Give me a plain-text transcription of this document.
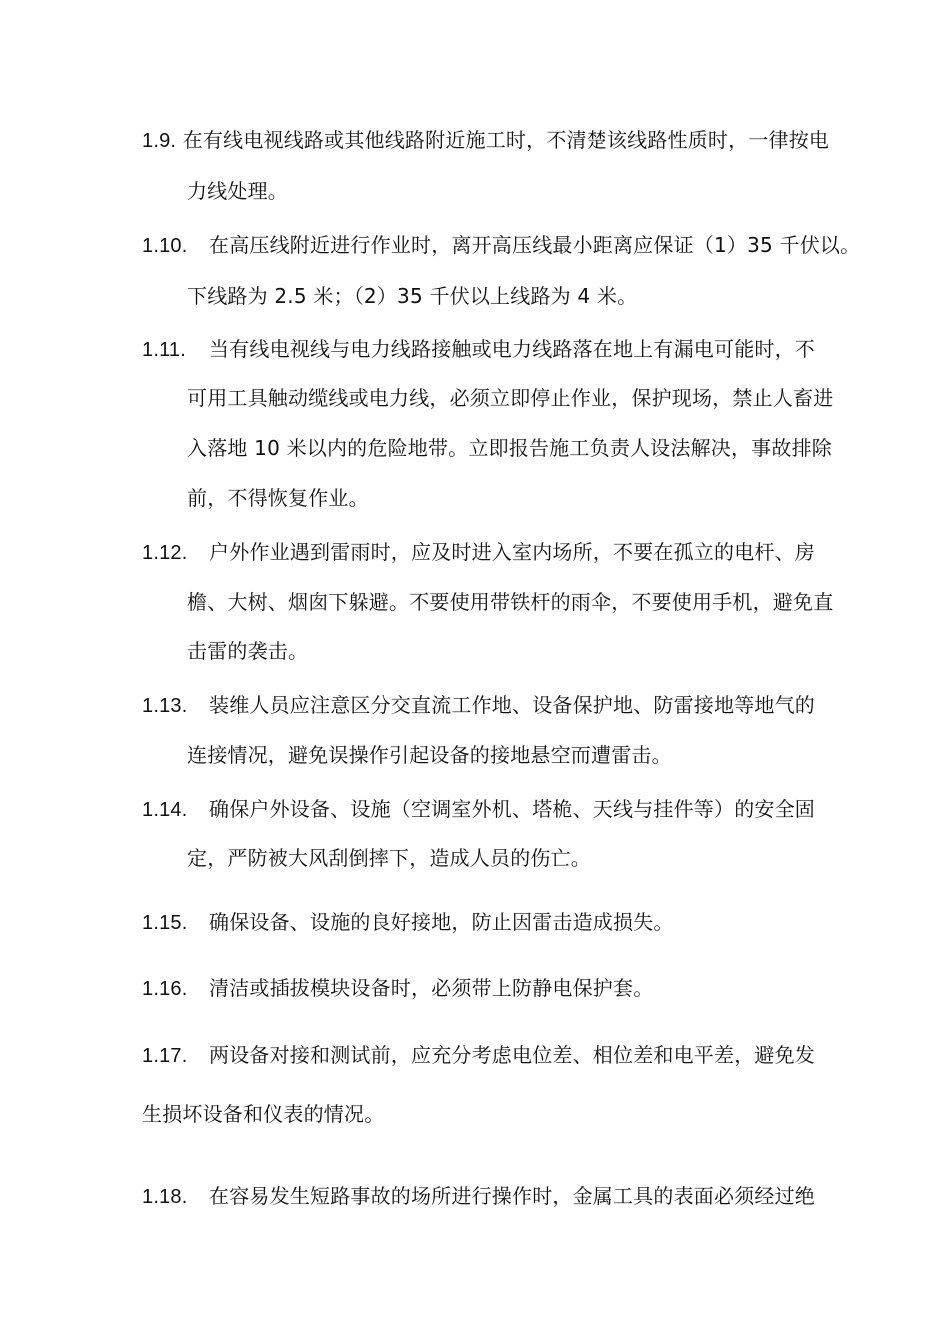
1.9. 在有线电视线路或其他线路附近施工时，不清楚该线路性质时，一律按电
力线处理。
1.10. 在高压线附近进行作业时，离开高压线最小距离应保证（1）35 千伏以。
下线路为 2.5 米；（2）35 千伏以上线路为 4 米。
1.11. 当有线电视线与电力线路接触或电力线路落在地上有漏电可能时，不
可用工具触动缆线或电力线，必须立即停止作业，保护现场，禁止人畜进
入落地 10 米以内的危险地带。立即报告施工负责人设法解决，事故排除
前，不得恢复作业。
1.12. 户外作业遇到雷雨时，应及时进入室内场所，不要在孤立的电杆、房
檐、大树、烟囱下躲避。不要使用带铁杆的雨伞，不要使用手机，避免直
击雷的袭击。
1.13. 装维人员应注意区分交直流工作地、设备保护地、防雷接地等地气的
连接情况，避免误操作引起设备的接地悬空而遭雷击。
1.14. 确保户外设备、设施（空调室外机、塔桅、天线与挂件等）的安全固
定，严防被大风刮倒摔下，造成人员的伤亡。
1.15. 确保设备、设施的良好接地，防止因雷击造成损失。
1.16. 清洁或插拔模块设备时，必须带上防静电保护套。
1.17. 两设备对接和测试前，应充分考虑电位差、相位差和电平差，避免发
生损坏设备和仪表的情况。
1.18. 在容易发生短路事故的场所进行操作时，金属工具的表面必须经过绝
